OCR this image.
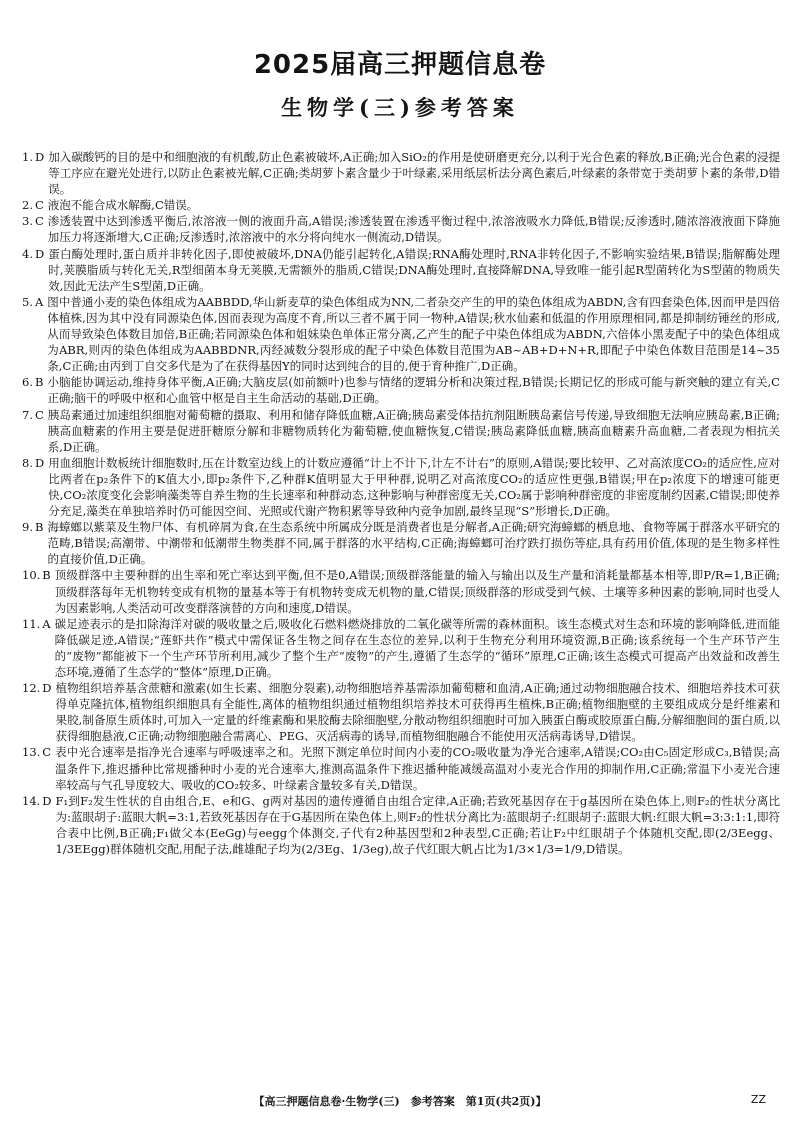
2025届高三押题信息卷
生物学(三)参考答案
1. D 加入碳酸钙的目的是中和细胞液的有机酸,防止色素被破坏,A正确;加入SiO₂的作用是使研磨更充分,以利于光合色素的释放,B正确;光合色素的浸提等工序应在避光处进行,以防止色素被光解,C正确;类胡萝卜素含量少于叶绿素,采用纸层析法分离色素后,叶绿素的条带宽于类胡萝卜素的条带,D错误。
2. C 液泡不能合成水解酶,C错误。
3. C 渗透装置中达到渗透平衡后,浓溶液一侧的液面升高,A错误;渗透装置在渗透平衡过程中,浓溶液吸水力降低,B错误;反渗透时,随浓溶液液面下降施加压力将逐渐增大,C正确;反渗透时,浓溶液中的水分将向纯水一侧流动,D错误。
4. D 蛋白酶处理时,蛋白质并非转化因子,即使被破坏,DNA仍能引起转化,A错误;RNA酶处理时,RNA非转化因子,不影响实验结果,B错误;脂解酶处理时,荚膜脂质与转化无关,R型细菌本身无荚膜,无需额外的脂质,C错误;DNA酶处理时,直接降解DNA,导致唯一能引起R型菌转化为S型菌的物质失效,因此无法产生S型菌,D正确。
5. A 图中普通小麦的染色体组成为AABBDD,华山新麦草的染色体组成为NN,二者杂交产生的甲的染色体组成为ABDN,含有四套染色体,因而甲是四倍体植株,因为其中没有同源染色体,因而表现为高度不育,所以三者不属于同一物种,A错误;秋水仙素和低温的作用原理相同,都是抑制纺锤丝的形成,从而导致染色体数目加倍,B正确;若同源染色体和姐妹染色单体正常分离,乙产生的配子中染色体组成为ABDN,六倍体小黑麦配子中的染色体组成为ABR,则丙的染色体组成为AABBDNR,丙经减数分裂形成的配子中染色体数目范围为AB~AB+D+N+R,即配子中染色体数目范围是14~35条,C正确;由丙到丁自交多代是为了在获得基因Y的同时达到纯合的目的,便于育种推广,D正确。
6. B 小脑能协调运动,维持身体平衡,A正确;大脑皮层(如前额叶)也参与情绪的逻辑分析和决策过程,B错误;长期记忆的形成可能与新突触的建立有关,C正确;脑干的呼吸中枢和心血管中枢是自主生命活动的基础,D正确。
7. C 胰岛素通过加速组织细胞对葡萄糖的摄取、利用和储存降低血糖,A正确;胰岛素受体拮抗剂阻断胰岛素信号传递,导致细胞无法响应胰岛素,B正确;胰高血糖素的作用主要是促进肝糖原分解和非糖物质转化为葡萄糖,使血糖恢复,C错误;胰岛素降低血糖,胰高血糖素升高血糖,二者表现为相抗关系,D正确。
8. D 用血细胞计数板统计细胞数时,压在计数室边线上的计数应遵循“计上不计下,计左不计右”的原则,A错误;要比较甲、乙对高浓度CO₂的适应性,应对比两者在p₂条件下的K值大小,即p₂条件下,乙种群K值明显大于甲种群,说明乙对高浓度CO₂的适应性更强,B错误;甲在p₂浓度下的增速可能更快,CO₂浓度变化会影响藻类等自养生物的生长速率和种群动态,这种影响与种群密度无关,CO₂属于影响种群密度的非密度制约因素,C错误;即使养分充足,藻类在单独培养时仍可能因空间、光照或代谢产物积累等导致种内竞争加剧,最终呈现“S”形增长,D正确。
9. B 海蟑螂以紫菜及生物尸体、有机碎屑为食,在生态系统中所属成分既是消费者也是分解者,A正确;研究海蟑螂的栖息地、食物等属于群落水平研究的范畴,B错误;高潮带、中潮带和低潮带生物类群不同,属于群落的水平结构,C正确;海蟑螂可治疗跌打损伤等症,具有药用价值,体现的是生物多样性的直接价值,D正确。
10. B 顶级群落中主要种群的出生率和死亡率达到平衡,但不是0,A错误;顶级群落能量的输入与输出以及生产量和消耗量都基本相等,即P/R=1,B正确;顶级群落每年无机物转变成有机物的量基本等于有机物转变成无机物的量,C错误;顶级群落的形成受到气候、土壤等多种因素的影响,同时也受人为因素影响,人类活动可改变群落演替的方向和速度,D错误。
11. A 碳足迹表示的是扣除海洋对碳的吸收量之后,吸收化石燃料燃烧排放的二氧化碳等所需的森林面积。该生态模式对生态和环境的影响降低,进而能降低碳足迹,A错误;“莲虾共作”模式中需保证各生物之间存在生态位的差异,以利于生物充分利用环境资源,B正确;该系统每一个生产环节产生的“废物”都能被下一个生产环节所利用,减少了整个生产“废物”的产生,遵循了生态学的“循环”原理,C正确;该生态模式可提高产出效益和改善生态环境,遵循了生态学的“整体”原理,D正确。
12. D 植物组织培养基含蔗糖和激素(如生长素、细胞分裂素),动物细胞培养基需添加葡萄糖和血清,A正确;通过动物细胞融合技术、细胞培养技术可获得单克隆抗体,植物组织细胞具有全能性,离体的植物组织通过植物组织培养技术可获得再生植株,B正确;植物细胞壁的主要组成成分是纤维素和果胶,制备原生质体时,可加入一定量的纤维素酶和果胶酶去除细胞壁,分散动物组织细胞时可加入胰蛋白酶或胶原蛋白酶,分解细胞间的蛋白质,以获得细胞悬液,C正确;动物细胞融合需离心、PEG、灭活病毒的诱导,而植物细胞融合不能使用灭活病毒诱导,D错误。
13. C 表中光合速率是指净光合速率与呼吸速率之和。光照下测定单位时间内小麦的CO₂吸收量为净光合速率,A错误;CO₂由C₅固定形成C₃,B错误;高温条件下,推迟播种比常规播种时小麦的光合速率大,推测高温条件下推迟播种能减缓高温对小麦光合作用的抑制作用,C正确;常温下小麦光合速率较高与气孔导度较大、吸收的CO₂较多、叶绿素含量较多有关,D错误。
14. D F₁到F₂发生性状的自由组合,E、e和G、g两对基因的遗传遵循自由组合定律,A正确;若致死基因存在于g基因所在染色体上,则F₂的性状分离比为:蓝眼胡子:蓝眼大帆=3:1,若致死基因存在于G基因所在染色体上,则F₂的性状分离比为:蓝眼胡子:红眼胡子:蓝眼大帆:红眼大帆=3:3:1:1,即符合表中比例,B正确;F₁做父本(EeGg)与eegg个体测交,子代有2种基因型和2种表型,C正确;若让F₂中红眼胡子个体随机交配,即(2/3Eegg、1/3EEgg)群体随机交配,用配子法,雌雄配子均为(2/3Eg、1/3eg),故子代红眼大帆占比为1/3×1/3=1/9,D错误。

【高三押题信息卷·生物学(三)　参考答案　第1页(共2页)】	ZZ
